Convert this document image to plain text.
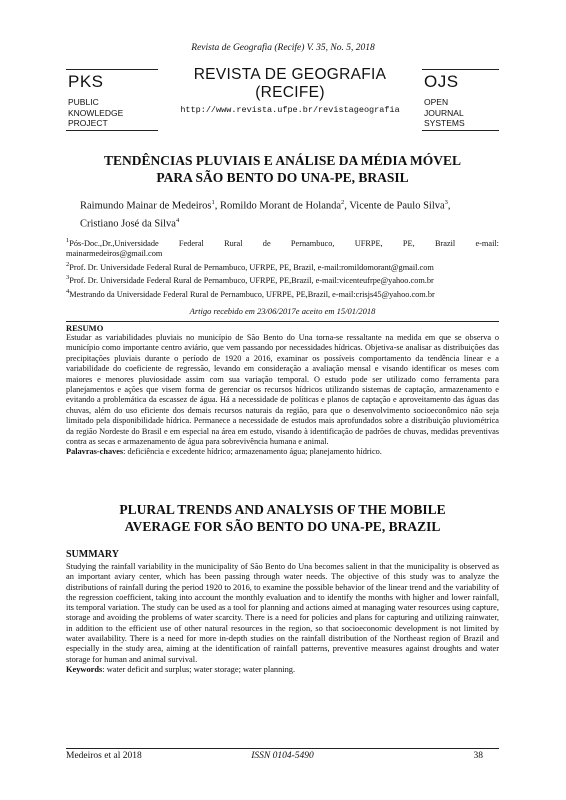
Revista de Geografia (Recife) V. 35, No. 5, 2018
PKS
PUBLIC
KNOWLEDGE
PROJECT
REVISTA DE GEOGRAFIA
(RECIFE)
http://www.revista.ufpe.br/revistageografia
OJS
OPEN
JOURNAL
SYSTEMS
TENDÊNCIAS PLUVIAIS E ANÁLISE DA MÉDIA MÓVEL
PARA SÃO BENTO DO UNA-PE, BRASIL
Raimundo Mainar de Medeiros$^1$, Romildo Morant de Holanda$^2$, Vicente de Paulo Silva$^3$,
Cristiano José da Silva$^4$
$^1$Pós-Doc.,Dr.,Universidade Federal Rural de Pernambuco, UFRPE, PE, Brazil e-mail:
mainarmedeiros@gmail.com
$^2$Prof. Dr. Universidade Federal Rural de Pernambuco, UFRPE, PE, Brazil, e-mail:romildomorant@gmail.com
$^3$Prof. Dr. Universidade Federal Rural de Pernambuco, UFRPE, PE,Brazil, e-mail:vicenteufrpe@yahoo.com.br
$^4$Mestrando da Universidade Federal Rural de Pernambuco, UFRPE, PE,Brazil, e-mail:crisjs45@yahoo.com.br
Artigo recebido em 23/06/2017e aceito em 15/01/2018
RESUMO
Estudar as variabilidades pluviais no município de São Bento do Una torna-se ressaltante na medida em que se observa o município como importante centro aviário, que vem passando por necessidades hídricas. Objetiva-se analisar as distribuições das precipitações pluviais durante o período de 1920 a 2016, examinar os possíveis comportamento da tendência linear e a variabilidade do coeficiente de regressão, levando em consideração a avaliação mensal e visando identificar os meses com maiores e menores pluviosidade assim com sua variação temporal. O estudo pode ser utilizado como ferramenta para planejamentos e ações que visem forma de gerenciar os recursos hídricos utilizando sistemas de captação, armazenamento e evitando a problemática da escassez de água. Há a necessidade de políticas e planos de captação e aproveitamento das águas das chuvas, além do uso eficiente dos demais recursos naturais da região, para que o desenvolvimento socioeconômico não seja limitado pela disponibilidade hídrica. Permanece a necessidade de estudos mais aprofundados sobre a distribuição pluviométrica da região Nordeste do Brasil e em especial na área em estudo, visando à identificação de padrões de chuvas, medidas preventivas contra as secas e armazenamento de água para sobrevivência humana e animal.
Palavras-chaves: deficiência e excedente hídrico; armazenamento água; planejamento hídrico.
PLURAL TRENDS AND ANALYSIS OF THE MOBILE
AVERAGE FOR SÃO BENTO DO UNA-PE, BRAZIL
SUMMARY
Studying the rainfall variability in the municipality of São Bento do Una becomes salient in that the municipality is observed as an important aviary center, which has been passing through water needs. The objective of this study was to analyze the distributions of rainfall during the period 1920 to 2016, to examine the possible behavior of the linear trend and the variability of the regression coefficient, taking into account the monthly evaluation and to identify the months with higher and lower rainfall, its temporal variation. The study can be used as a tool for planning and actions aimed at managing water resources using capture, storage and avoiding the problems of water scarcity. There is a need for policies and plans for capturing and utilizing rainwater, in addition to the efficient use of other natural resources in the region, so that socioeconomic development is not limited by water availability. There is a need for more in-depth studies on the rainfall distribution of the Northeast region of Brazil and especially in the study area, aiming at the identification of rainfall patterns, preventive measures against droughts and water storage for human and animal survival.
Keywords: water deficit and surplus; water storage; water planning.
Medeiros et al 2018	ISSN 0104-5490	38
